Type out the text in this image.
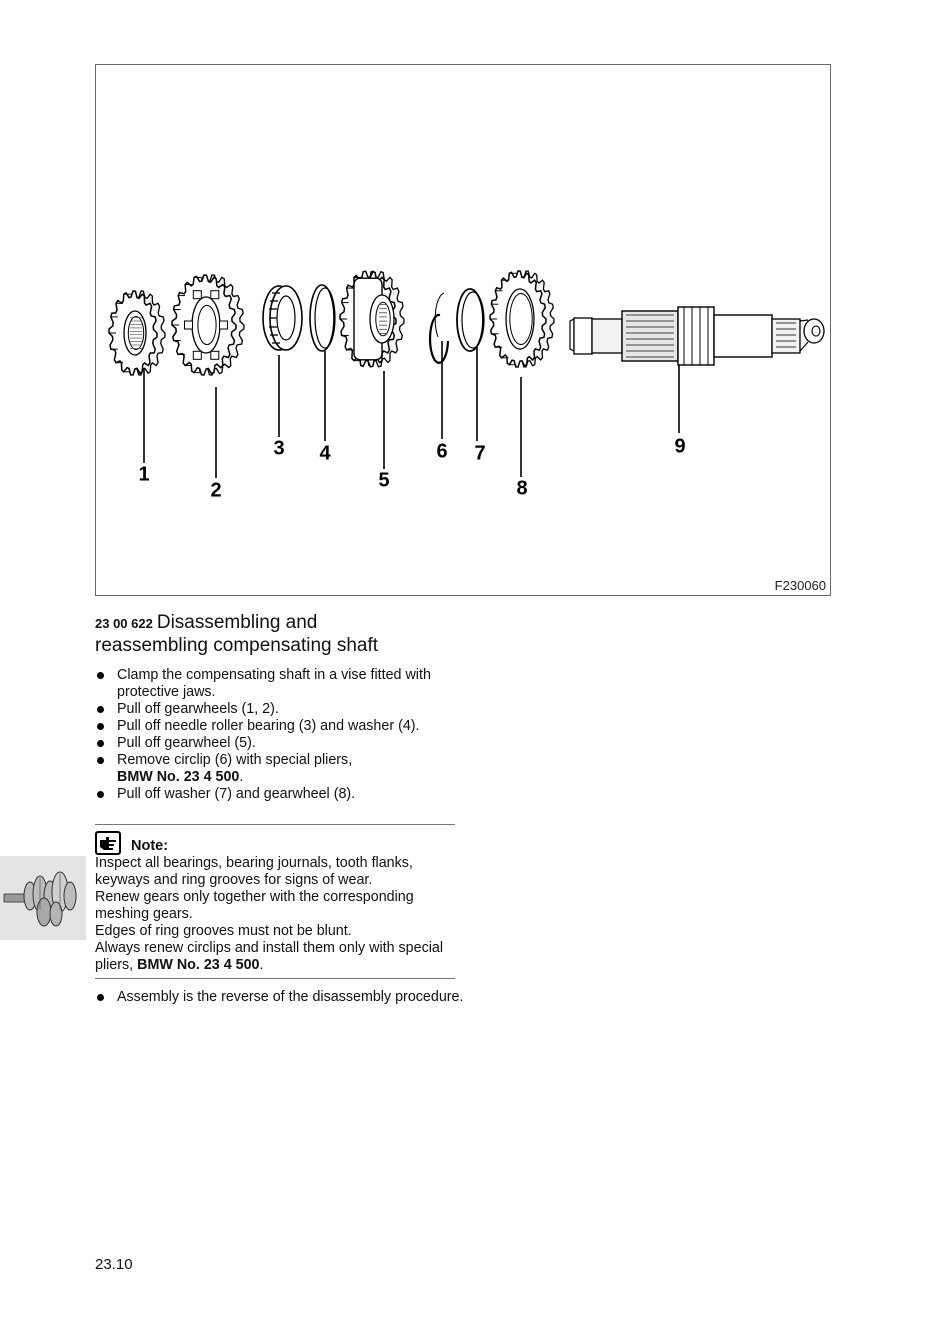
1
2
3 4
5
6 7
8
9
F230060
23 00 622 Disassembling and
reassembling compensating shaft
Clamp the compensating shaft in a vise fitted with protective jaws.
Pull off gearwheels (1, 2).
Pull off needle roller bearing (3) and washer (4).
Pull off gearwheel (5).
Remove circlip (6) with special pliers,
BMW No. 23 4 500.
Pull off washer (7) and gearwheel (8).
Note:

Inspect all bearings, bearing journals, tooth flanks, keyways and ring grooves for signs of wear.

Renew gears only together with the corresponding meshing gears.

Edges of ring grooves must not be blunt.

Always renew circlips and install them only with special pliers, BMW No. 23 4 500.

Assembly is the reverse of the disassembly procedure.
23.10
